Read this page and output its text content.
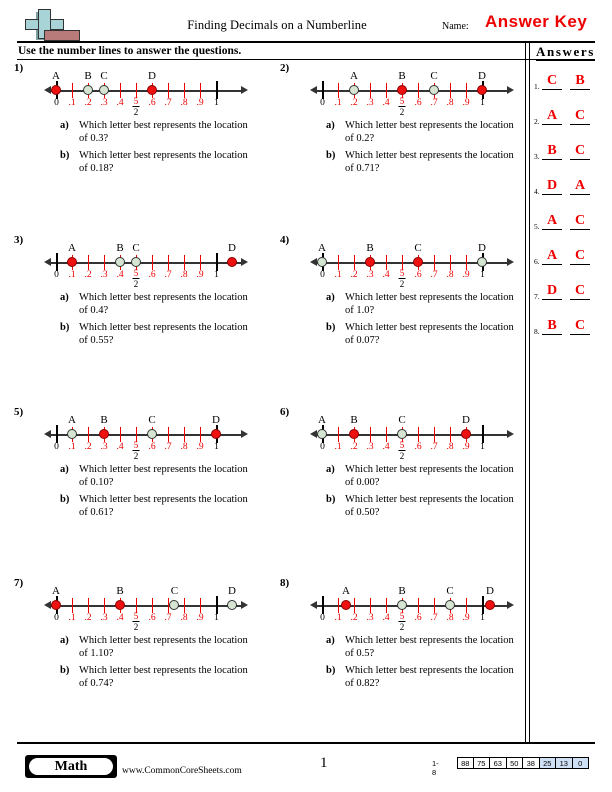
Finding Decimals on a Numberline	Name: Answer Key
Use the number lines to answer the questions.	Answers
1. C	B
2. A	C
3. B	C
4. D	A
5. A	C
6. A	C
7. D	C
8. B	C
1)
0 .1 .2 .3 .4	.6 .7 .8 .9 1
5
2
A B C	D
a) Which letter best represents the location of 0.3?
b) Which letter best represents the location of 0.18?
2)
0 .1 .2 .3 .4	.6 .7 .8 .9 1
5
2
A	B C	D
a) Which letter best represents the location of 0.2?
b) Which letter best represents the location of 0.71?
3)
0 .1 .2 .3 .4	.6 .7 .8 .9 1
5
2
A	B C	D
a) Which letter best represents the location of 0.4?
b) Which letter best represents the location of 0.55?
4)
0 .1 .2 .3 .4	.6 .7 .8 .9 1
5
2
A	B	C	D
a) Which letter best represents the location of 1.0?
b) Which letter best represents the location of 0.07?
5)
0 .1 .2 .3 .4	.6 .7 .8 .9 1
5
2
A B	C	D
a) Which letter best represents the location of 0.10?
b) Which letter best represents the location of 0.61?
6)
0 .1 .2 .3 .4	.6 .7 .8 .9 1
5
2
A B	C	D
a) Which letter best represents the location of 0.00?
b) Which letter best represents the location of 0.50?
7)
0 .1 .2 .3 .4	.6 .7 .8 .9 1
5
2
A	B	C	D
a) Which letter best represents the location of 1.10?
b) Which letter best represents the location of 0.74?
8)
0 .1 .2 .3 .4	.6 .7 .8 .9 1
5
2
A	B	C	D
a) Which letter best represents the location of 0.5?
b) Which letter best represents the location of 0.82?
Math	www.CommonCoreSheets.com	1	1-8
88	75	63	50	38	25	13	0
